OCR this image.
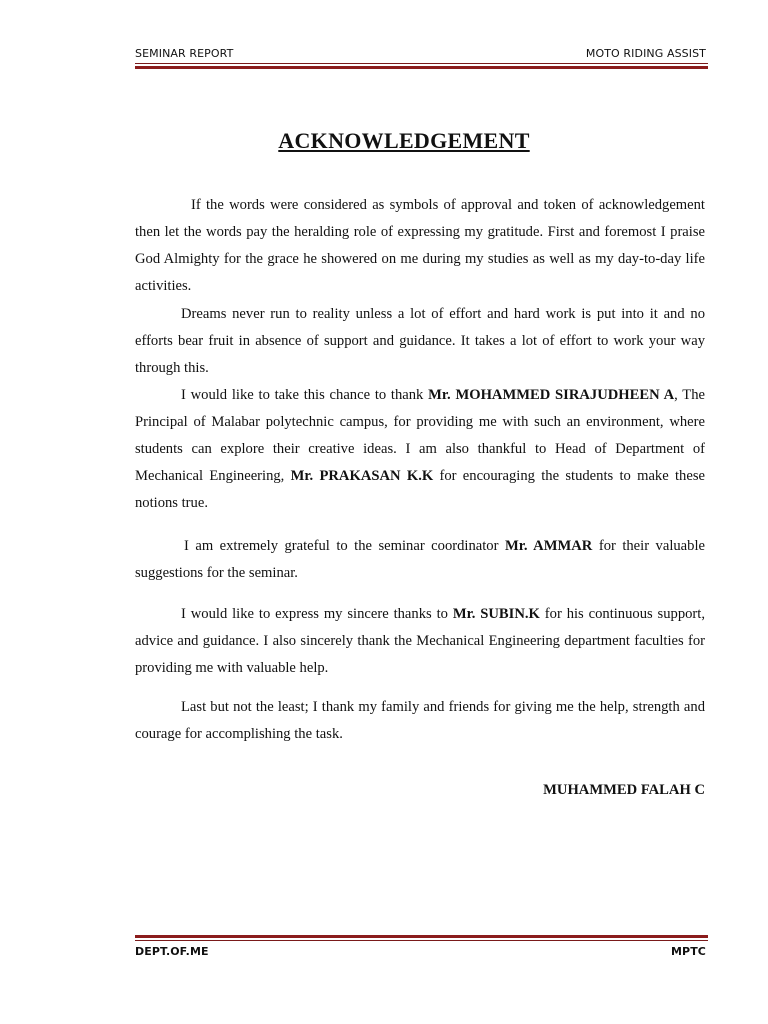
SEMINAR REPORT	MOTO RIDING ASSIST
ACKNOWLEDGEMENT

If the words were considered as symbols of approval and token of acknowledgement then let the words pay the heralding role of expressing my gratitude. First and foremost I praise God Almighty for the grace he showered on me during my studies as well as my day-to-day life activities.

Dreams never run to reality unless a lot of effort and hard work is put into it and no efforts bear fruit in absence of support and guidance. It takes a lot of effort to work your way through this.

I would like to take this chance to thank Mr. MOHAMMED SIRAJUDHEEN A, The Principal of Malabar polytechnic campus, for providing me with such an environment, where students can explore their creative ideas. I am also thankful to Head of Department of Mechanical Engineering, Mr. PRAKASAN K.K for encouraging the students to make these notions true.

I am extremely grateful to the seminar coordinator Mr. AMMAR for their valuable suggestions for the seminar.

I would like to express my sincere thanks to Mr. SUBIN.K for his continuous support, advice and guidance. I also sincerely thank the Mechanical Engineering department faculties for providing me with valuable help.

Last but not the least; I thank my family and friends for giving me the help, strength and courage for accomplishing the task.

MUHAMMED FALAH C
DEPT.OF.ME	MPTC
